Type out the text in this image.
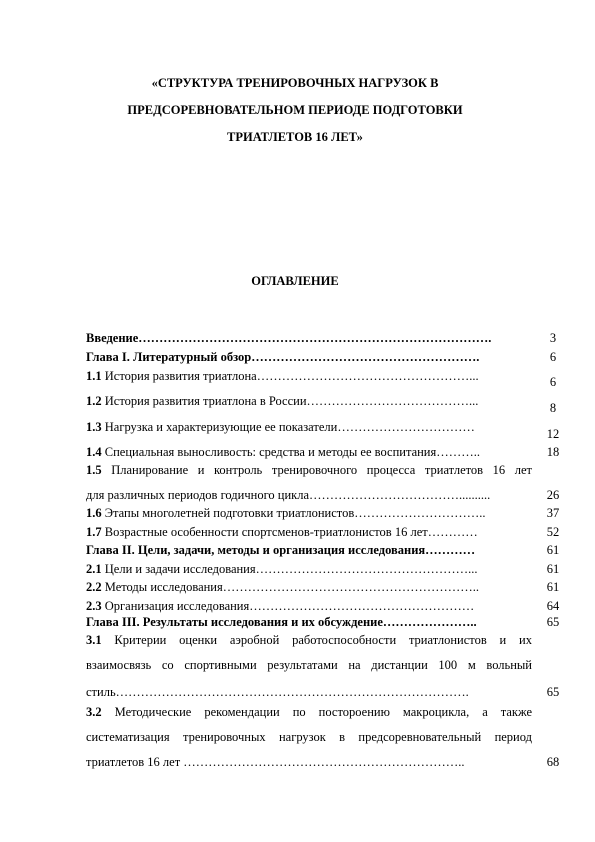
«СТРУКТУРА ТРЕНИРОВОЧНЫХ НАГРУЗОК В
ПРЕДСОРЕВНОВАТЕЛЬНОМ ПЕРИОДЕ ПОДГОТОВКИ
ТРИАТЛЕТОВ 16 ЛЕТ»
ОГЛАВЛЕНИЕ
Введение………………………………………………………………………….	3
Глава I. Литературный обзор……………………………………………….	6
1.1 История развития триатлона……………………………………………...	6
1.2 История развития триатлона в России…………………………………...	8
1.3 Нагрузка и характеризующие ее показатели……………………………	12
1.4 Специальная выносливость: средства и методы ее воспитания………..	18
1.5 Планирование и контроль тренировочного процесса триатлетов 16 лет
для различных периодов годичного цикла………………………………..........	26
1.6 Этапы многолетней подготовки триатлонистов…………………………..	37
1.7 Возрастные особенности спортсменов-триатлонистов 16 лет…………	52
Глава II. Цели, задачи, методы и организация исследования…………	61
2.1 Цели и задачи исследования……………………………………………...	61
2.2 Методы исследования……………………………………………………..	61
2.3 Организация исследования………………………………………………	64
Глава III. Результаты исследования и их обсуждение…………………..	65
3.1 Критерии оценки аэробной работоспособности триатлонистов и их
взаимосвязь со спортивными результатами на дистанции 100 м вольный
стиль………………………………………………………………………….	65
3.2 Методические рекомендации по постороению макроцикла, а также
систематизация тренировочных нагрузок в предсоревновательный период
триатлетов 16 лет …………………………………………………………..	68
